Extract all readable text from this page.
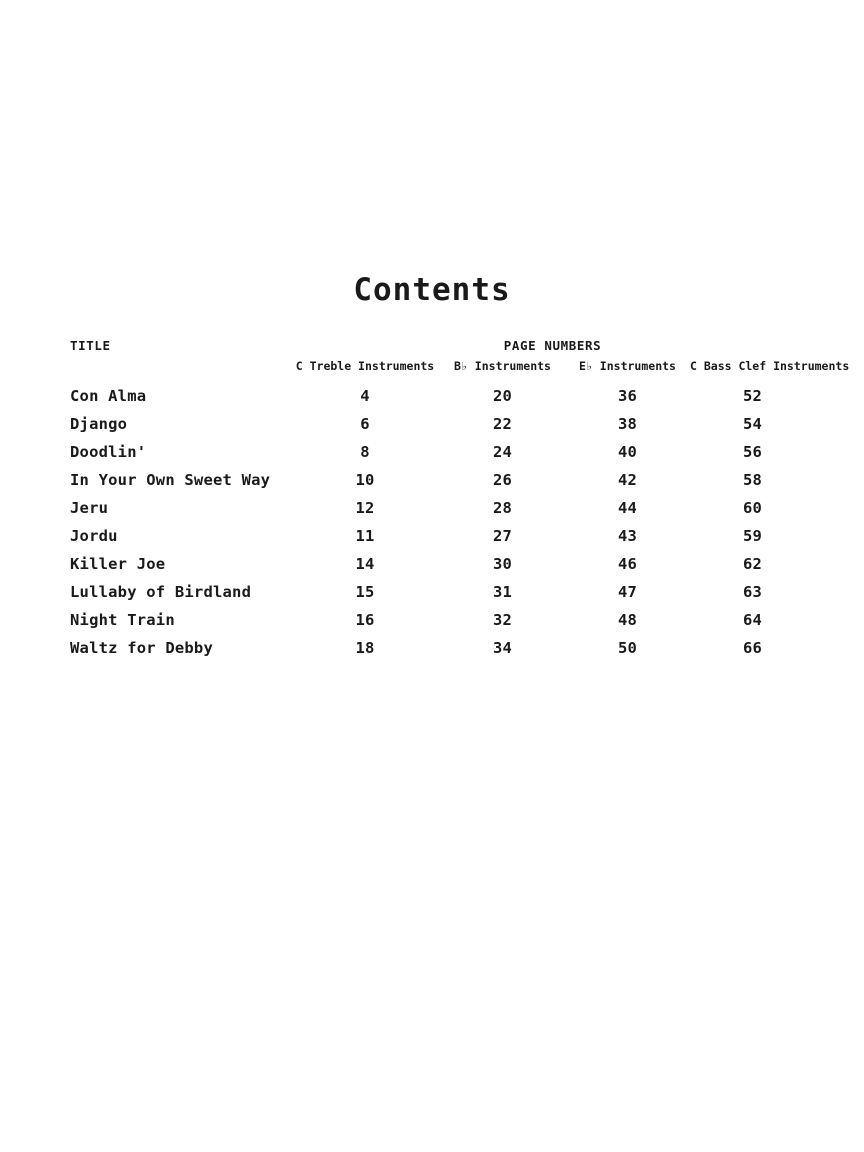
Contents
TITLE	PAGE NUMBERS			
	C Treble Instruments	B♭ Instruments	E♭ Instruments	C Bass Clef Instruments
Con Alma	4	20	36	52
Django	6	22	38	54
Doodlin'	8	24	40	56
In Your Own Sweet Way	10	26	42	58
Jeru	12	28	44	60
Jordu	11	27	43	59
Killer Joe	14	30	46	62
Lullaby of Birdland	15	31	47	63
Night Train	16	32	48	64
Waltz for Debby	18	34	50	66
